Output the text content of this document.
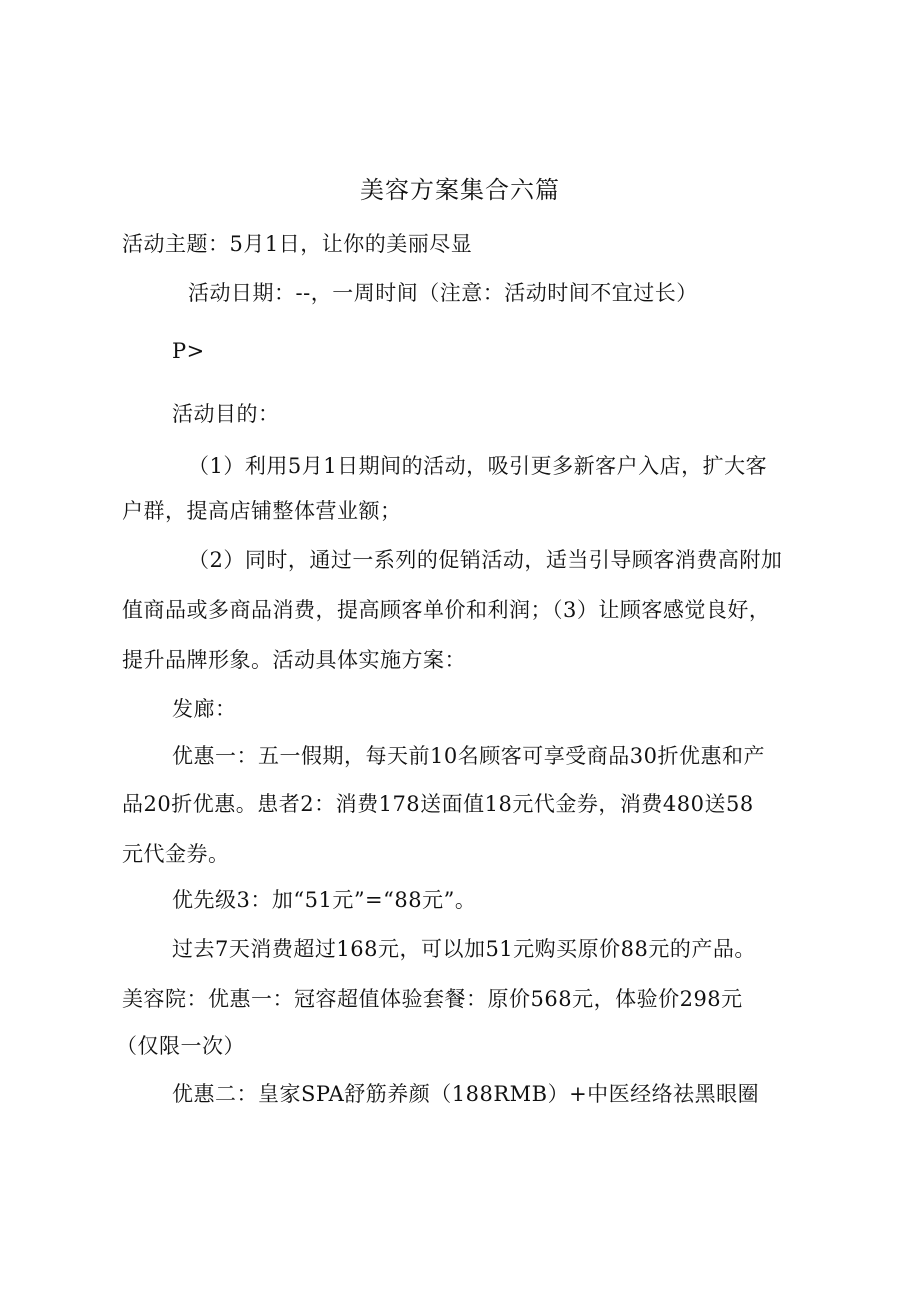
美容方案集合六篇
活动主题：5月1日，让你的美丽尽显
活动日期：--，一周时间（注意：活动时间不宜过长）
P>
活动目的：
（1）利用5月1日期间的活动，吸引更多新客户入店，扩大客
户群，提高店铺整体营业额；
（2）同时，通过一系列的促销活动，适当引导顾客消费高附加
值商品或多商品消费，提高顾客单价和利润；（3）让顾客感觉良好，
提升品牌形象。活动具体实施方案：
发廊：
优惠一：五一假期，每天前10名顾客可享受商品30折优惠和产
品20折优惠。患者2：消费178送面值18元代金券，消费480送58
元代金券。
优先级3：加“51元”=“88元”。
过去7天消费超过168元，可以加51元购买原价88元的产品。
美容院：优惠一：冠容超值体验套餐：原价568元，体验价298元
（仅限一次）
优惠二：皇家SPA舒筋养颜（188RMB）+中医经络祛黑眼圈
